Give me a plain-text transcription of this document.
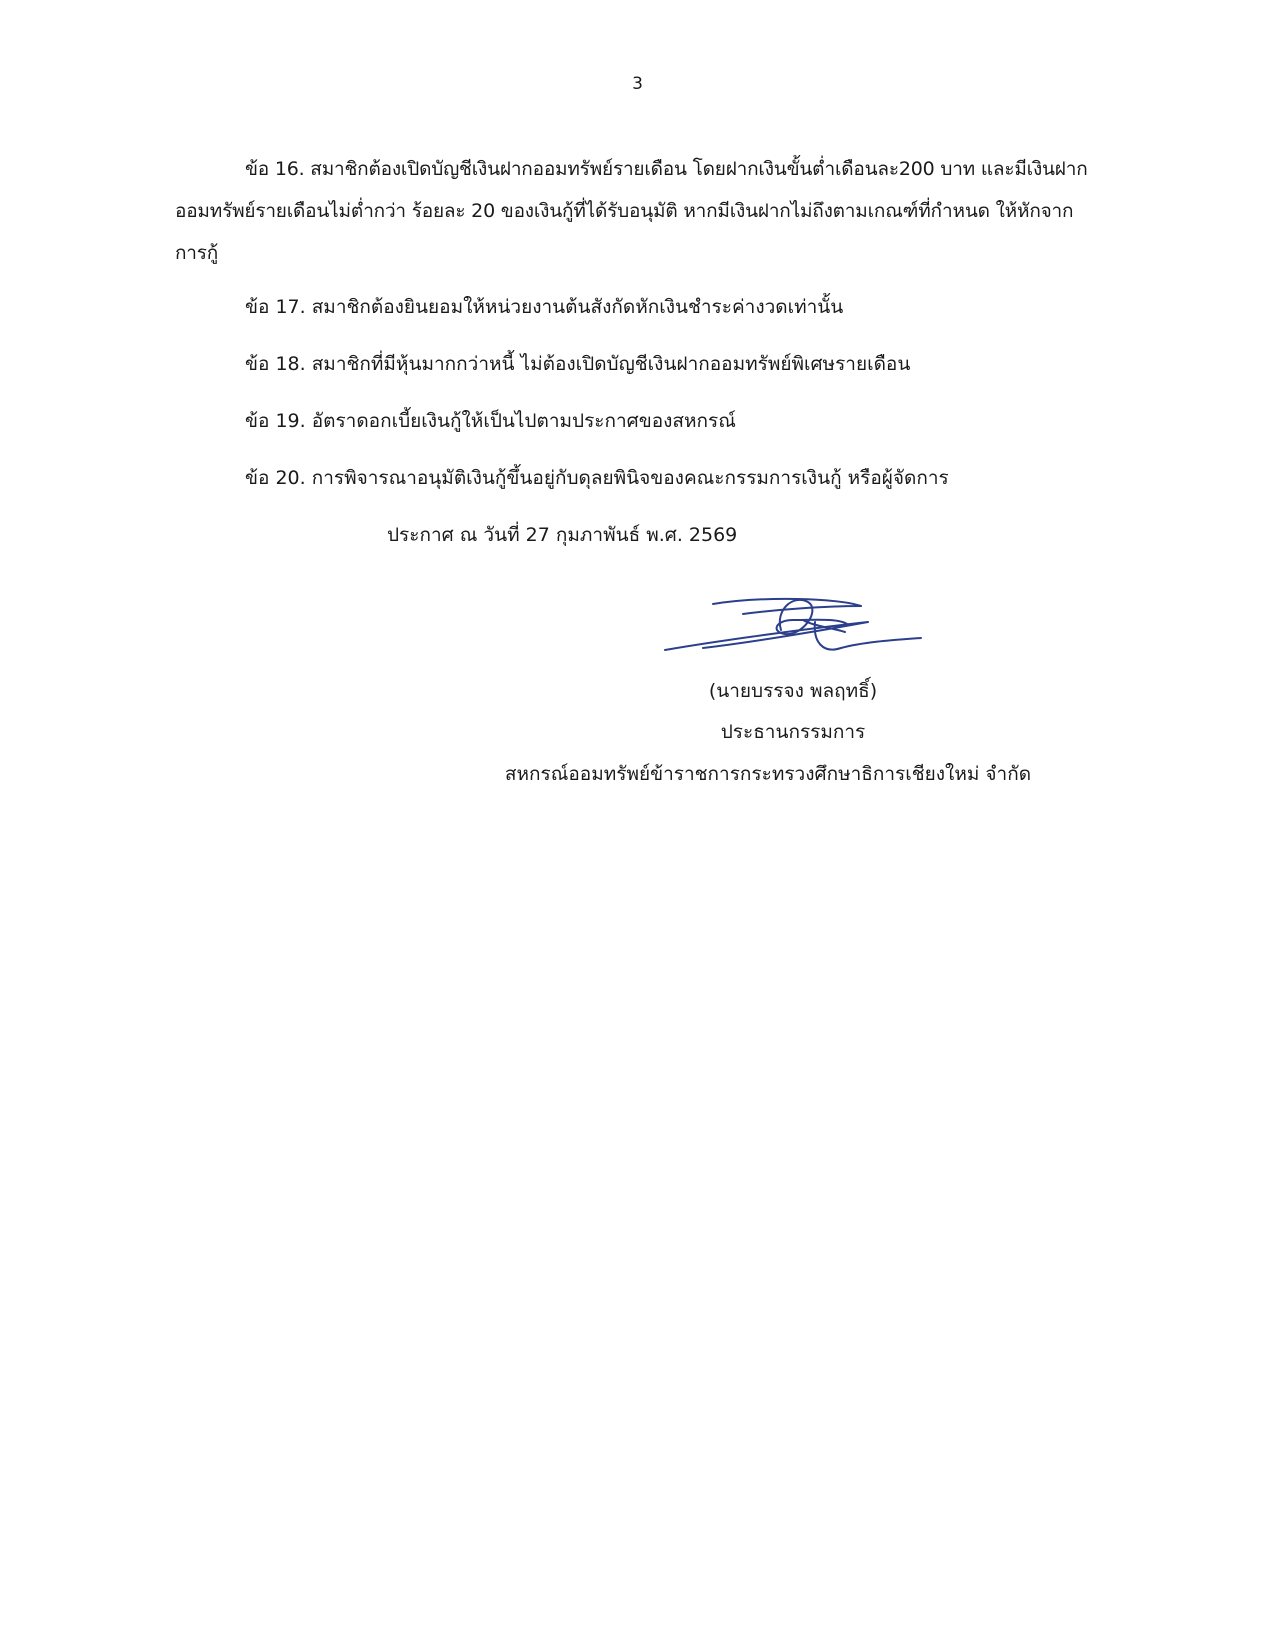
3

ข้อ 16. สมาชิกต้องเปิดบัญชีเงินฝากออมทรัพย์รายเดือน โดยฝากเงินขั้นต่ำเดือนละ200 บาท และมีเงินฝากออมทรัพย์รายเดือนไม่ต่ำกว่า ร้อยละ 20 ของเงินกู้ที่ได้รับอนุมัติ หากมีเงินฝากไม่ถึงตามเกณฑ์ที่กำหนด ให้หักจากการกู้

ข้อ 17. สมาชิกต้องยินยอมให้หน่วยงานต้นสังกัดหักเงินชำระค่างวดเท่านั้น

ข้อ 18. สมาชิกที่มีหุ้นมากกว่าหนี้ ไม่ต้องเปิดบัญชีเงินฝากออมทรัพย์พิเศษรายเดือน

ข้อ 19. อัตราดอกเบี้ยเงินกู้ให้เป็นไปตามประกาศของสหกรณ์

ข้อ 20. การพิจารณาอนุมัติเงินกู้ขึ้นอยู่กับดุลยพินิจของคณะกรรมการเงินกู้ หรือผู้จัดการ

ประกาศ ณ วันที่ 27 กุมภาพันธ์ พ.ศ. 2569

(นายบรรจง พลฤทธิ์)

ประธานกรรมการ

สหกรณ์ออมทรัพย์ข้าราชการกระทรวงศึกษาธิการเชียงใหม่ จำกัด
